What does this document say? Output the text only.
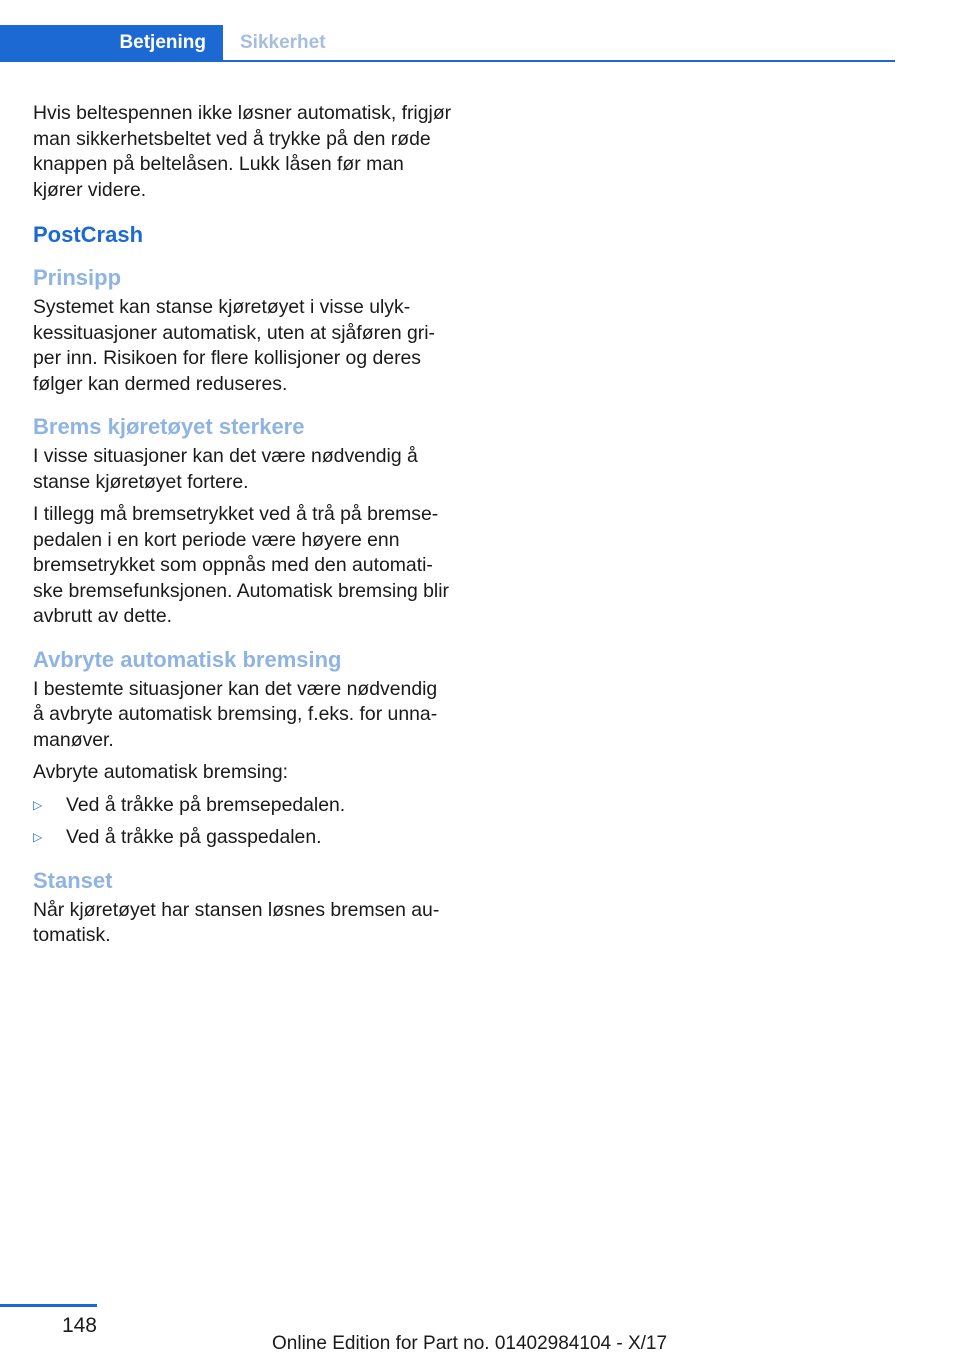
Betjening	Sikkerhet

Hvis beltespennen ikke løsner automatisk, frigjør man sikkerhetsbeltet ved å trykke på den røde knappen på beltelåsen. Lukk låsen før man kjører videre.

PostCrash
Prinsipp

Systemet kan stanse kjøretøyet i visse ulykkessituasjoner automatisk, uten at sjåføren griper inn. Risikoen for flere kollisjoner og deres følger kan dermed reduseres.

Brems kjøretøyet sterkere

I visse situasjoner kan det være nødvendig å stanse kjøretøyet fortere.

I tillegg må bremsetrykket ved å trå på bremsepedalen i en kort periode være høyere enn bremsetrykket som oppnås med den automatiske bremsefunksjonen. Automatisk bremsing blir avbrutt av dette.

Avbryte automatisk bremsing

I bestemte situasjoner kan det være nødvendig å avbryte automatisk bremsing, f.eks. for unnamanøver.

Avbryte automatisk bremsing:

▷	Ved å tråkke på bremsepedalen.
▷	Ved å tråkke på gasspedalen.
Stanset

Når kjøretøyet har stansen løsnes bremsen automatisk.

148
Online Edition for Part no. 01402984104 - X/17
